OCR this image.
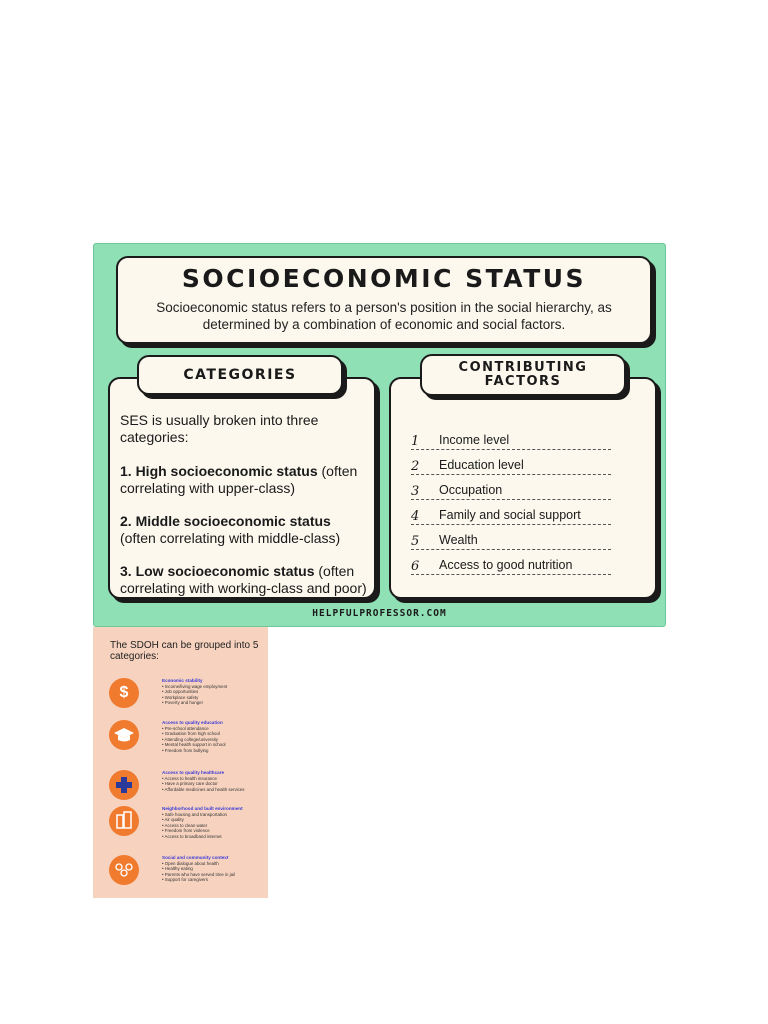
SOCIOECONOMIC STATUS
Socioeconomic status refers to a person's position in the social hierarchy, as determined by a combination of economic and social factors.

SES is usually broken into three categories:

1. High socioeconomic status (often correlating with upper-class)

2. Middle socioeconomic status (often correlating with middle-class)

3. Low socioeconomic status (often correlating with working-class and poor)

1	Income level
2	Education level
3	Occupation
4	Family and social support
5	Wealth
6	Access to good nutrition
CATEGORIES	CONTRIBUTING
FACTORS
HELPFULPROFESSOR.COM
The SDOH can be grouped into 5 categories:
$
Economic stability
• Income/living wage employment
• Job opportunities
• Workplace safety
• Poverty and hunger
Access to quality education
• Pre-school attendance
• Graduation from high school
• Attending college/university
• Mental health support in school
• Freedom from bullying
Access to quality healthcare
• Access to health insurance
• Have a primary care doctor
• Affordable medicines and health services
Neighborhood and built environment
• Safe housing and transportation
• Air quality
• Access to clean water
• Freedom from violence
• Access to broadband internet
Social and community context
• Open dialogue about health
• Healthy eating
• Parents who have served time in jail
• Support for caregivers
